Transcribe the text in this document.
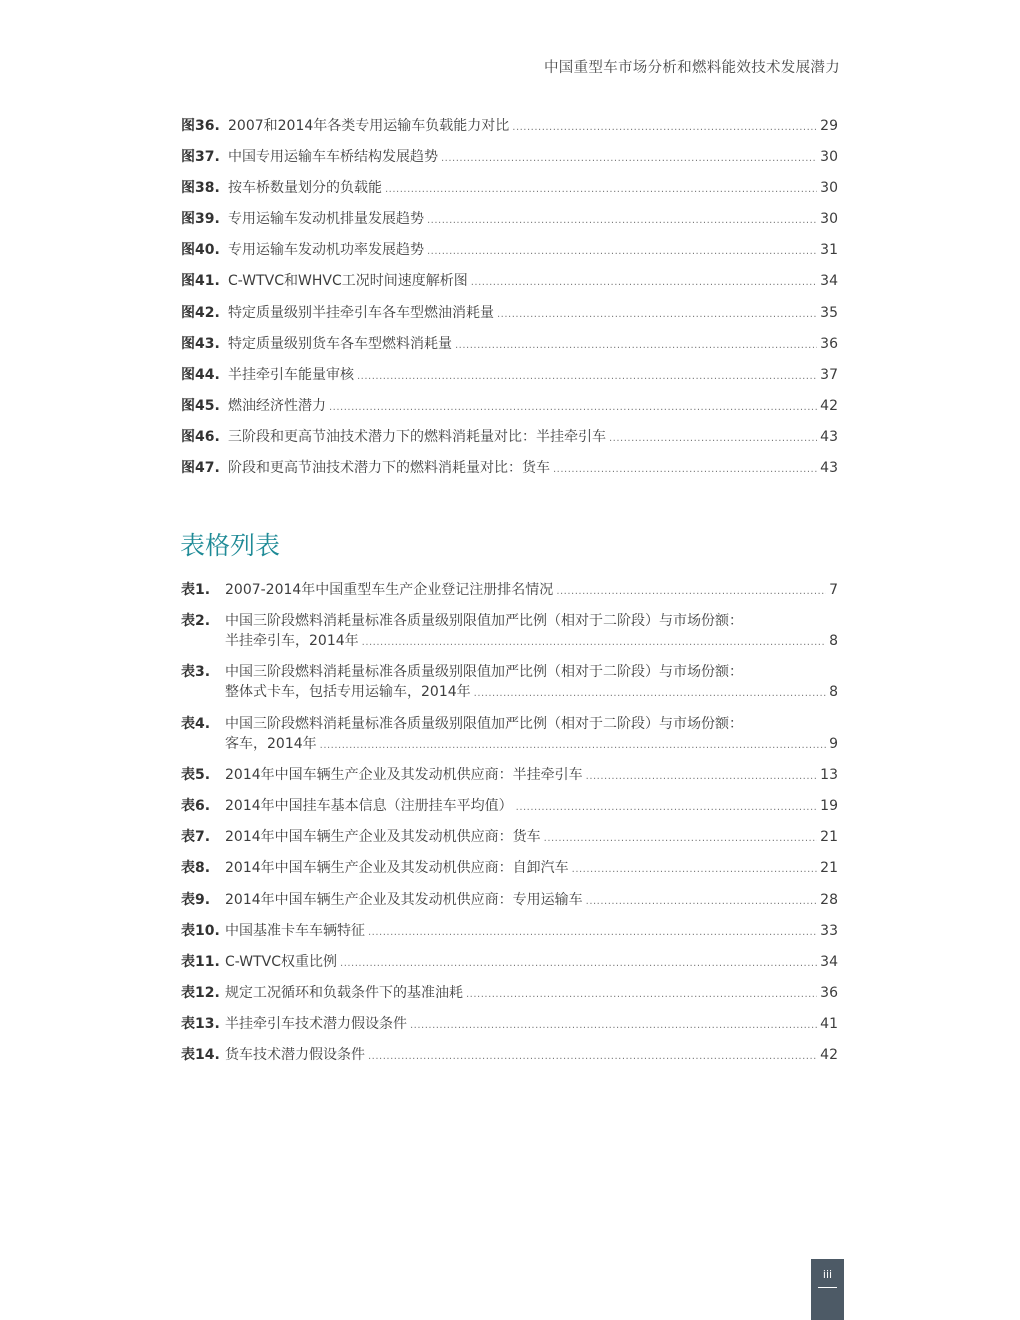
中国重型车市场分析和燃料能效技术发展潜力
图36. 2007和2014年各类专用运输车负载能力对比 .....	29
图37. 中国专用运输车车桥结构发展趋势 .....	30
图38. 按车桥数量划分的负载能 .....	30
图39. 专用运输车发动机排量发展趋势 .....	30
图40. 专用运输车发动机功率发展趋势 .....	31
图41. C-WTVC和WHVC工况时间速度解析图 .....	34
图42. 特定质量级别半挂牵引车各车型燃油消耗量 .....	35
图43. 特定质量级别货车各车型燃料消耗量 .....	36
图44. 半挂牵引车能量审核 .....	37
图45. 燃油经济性潜力 .....	42
图46. 三阶段和更高节油技术潜力下的燃料消耗量对比：半挂牵引车 .....	43
图47. 阶段和更高节油技术潜力下的燃料消耗量对比：货车 .....	43
表格列表
表1.	2007-2014年中国重型车生产企业登记注册排名情况 .....	7
表2.	中国三阶段燃料消耗量标准各质量级别限值加严比例（相对于二阶段）与市场份额：
半挂牵引车，2014年 .....	8
表3.	中国三阶段燃料消耗量标准各质量级别限值加严比例（相对于二阶段）与市场份额：
整体式卡车，包括专用运输车，2014年 .....	8
表4.	中国三阶段燃料消耗量标准各质量级别限值加严比例（相对于二阶段）与市场份额：
客车，2014年 .....	9
表5.	2014年中国车辆生产企业及其发动机供应商：半挂牵引车 .....	13
表6.	2014年中国挂车基本信息（注册挂车平均值） .....	19
表7.	2014年中国车辆生产企业及其发动机供应商：货车 .....	21
表8.	2014年中国车辆生产企业及其发动机供应商：自卸汽车 .....	21
表9.	2014年中国车辆生产企业及其发动机供应商：专用运输车 .....	28
表10. 中国基准卡车车辆特征 .....	33
表11. C-WTVC权重比例 .....	34
表12. 规定工况循环和负载条件下的基准油耗 .....	36
表13. 半挂牵引车技术潜力假设条件 .....	41
表14. 货车技术潜力假设条件 .....	42
iii
